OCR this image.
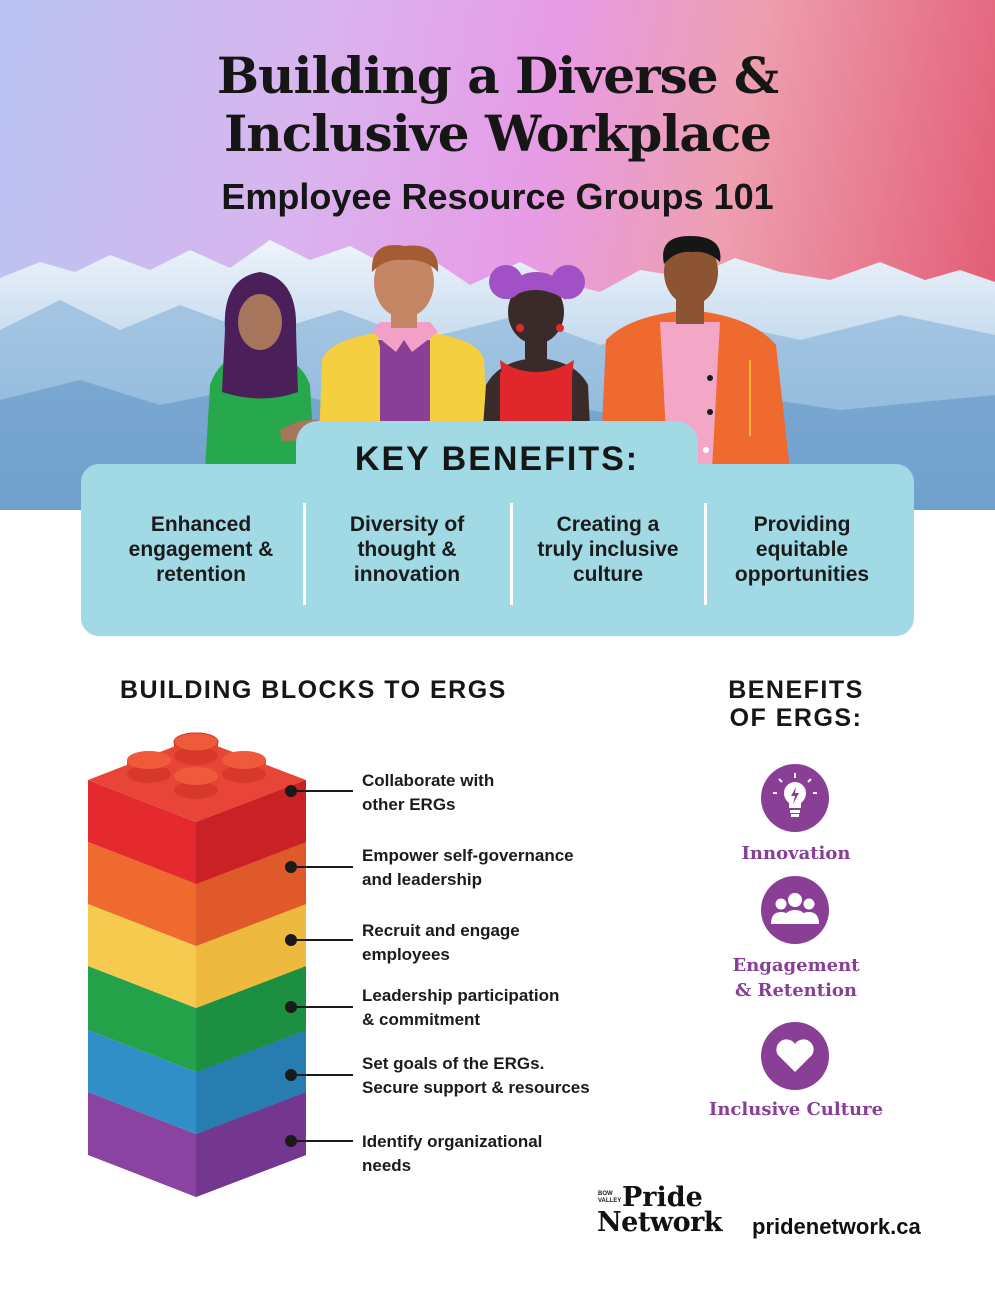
Building a Diverse &
Inclusive Workplace
Employee Resource Groups 101
KEY BENEFITS:
Enhanced
engagement &
retention
Diversity of
thought &
innovation
Creating a
truly inclusive
culture
Providing
equitable
opportunities
BUILDING BLOCKS TO ERGS
Collaborate with
other ERGs
Empower self-governance
and leadership
Recruit and engage
employees
Leadership participation
& commitment
Set goals of the ERGs.
Secure support & resources
Identify organizational
needs
BENEFITS
OF ERGS:
Innovation
Engagement
& Retention
Inclusive Culture
BOW
VALLEY Pride
Network pridenetwork.ca
